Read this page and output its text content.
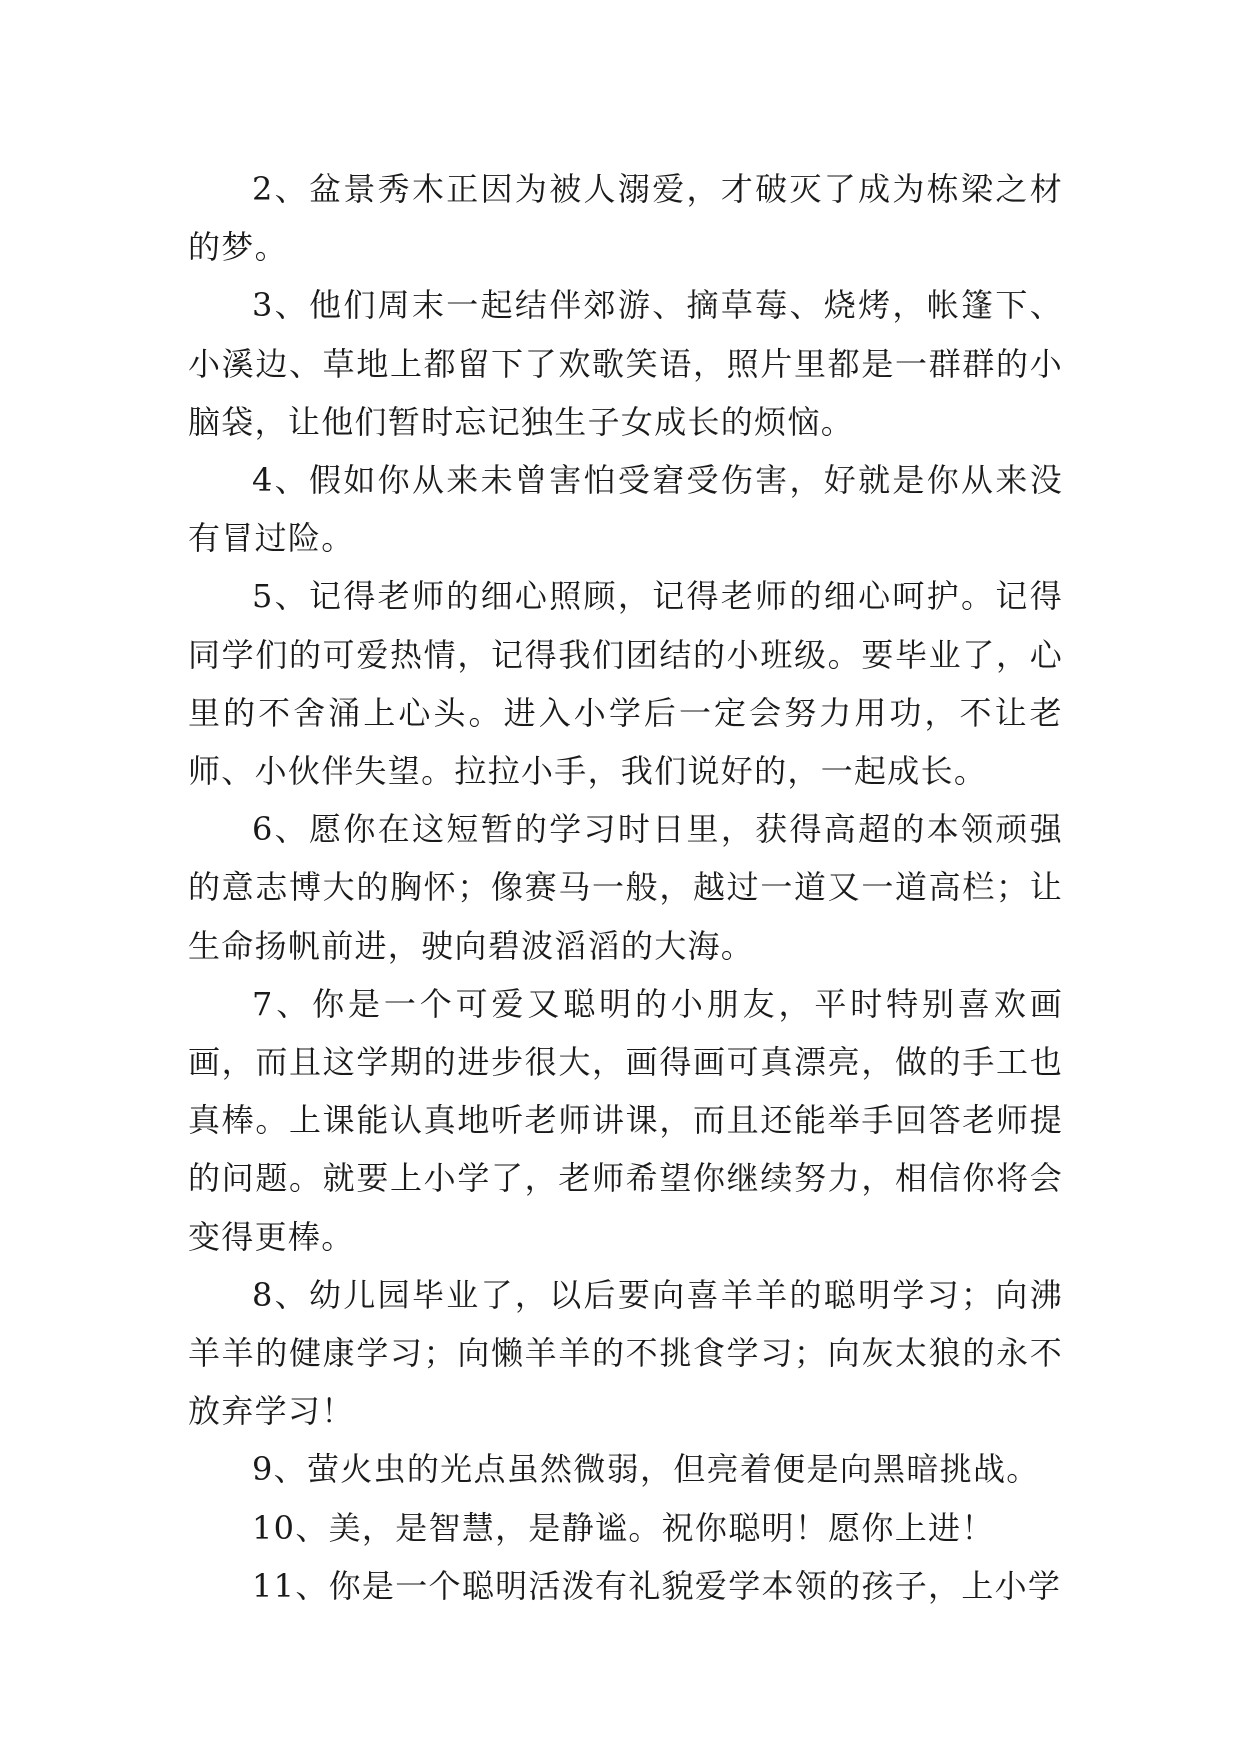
2、盆景秀木正因为被人溺爱，才破灭了成为栋梁之材的梦。

3、他们周末一起结伴郊游、摘草莓、烧烤，帐篷下、小溪边、草地上都留下了欢歌笑语，照片里都是一群群的小脑袋，让他们暂时忘记独生子女成长的烦恼。

4、假如你从来未曾害怕受窘受伤害，好就是你从来没有冒过险。

5、记得老师的细心照顾，记得老师的细心呵护。记得同学们的可爱热情，记得我们团结的小班级。要毕业了，心里的不舍涌上心头。进入小学后一定会努力用功，不让老师、小伙伴失望。拉拉小手，我们说好的，一起成长。

6、愿你在这短暂的学习时日里，获得高超的本领顽强的意志博大的胸怀；像赛马一般，越过一道又一道高栏；让生命扬帆前进，驶向碧波滔滔的大海。

7、你是一个可爱又聪明的小朋友，平时特别喜欢画画，而且这学期的进步很大，画得画可真漂亮，做的手工也真棒。上课能认真地听老师讲课，而且还能举手回答老师提的问题。就要上小学了，老师希望你继续努力，相信你将会变得更棒。

8、幼儿园毕业了，以后要向喜羊羊的聪明学习；向沸羊羊的健康学习；向懒羊羊的不挑食学习；向灰太狼的永不放弃学习！

9、萤火虫的光点虽然微弱，但亮着便是向黑暗挑战。

10、美，是智慧，是静谧。祝你聪明！愿你上进！

11、你是一个聪明活泼有礼貌爱学本领的孩子，上小学
